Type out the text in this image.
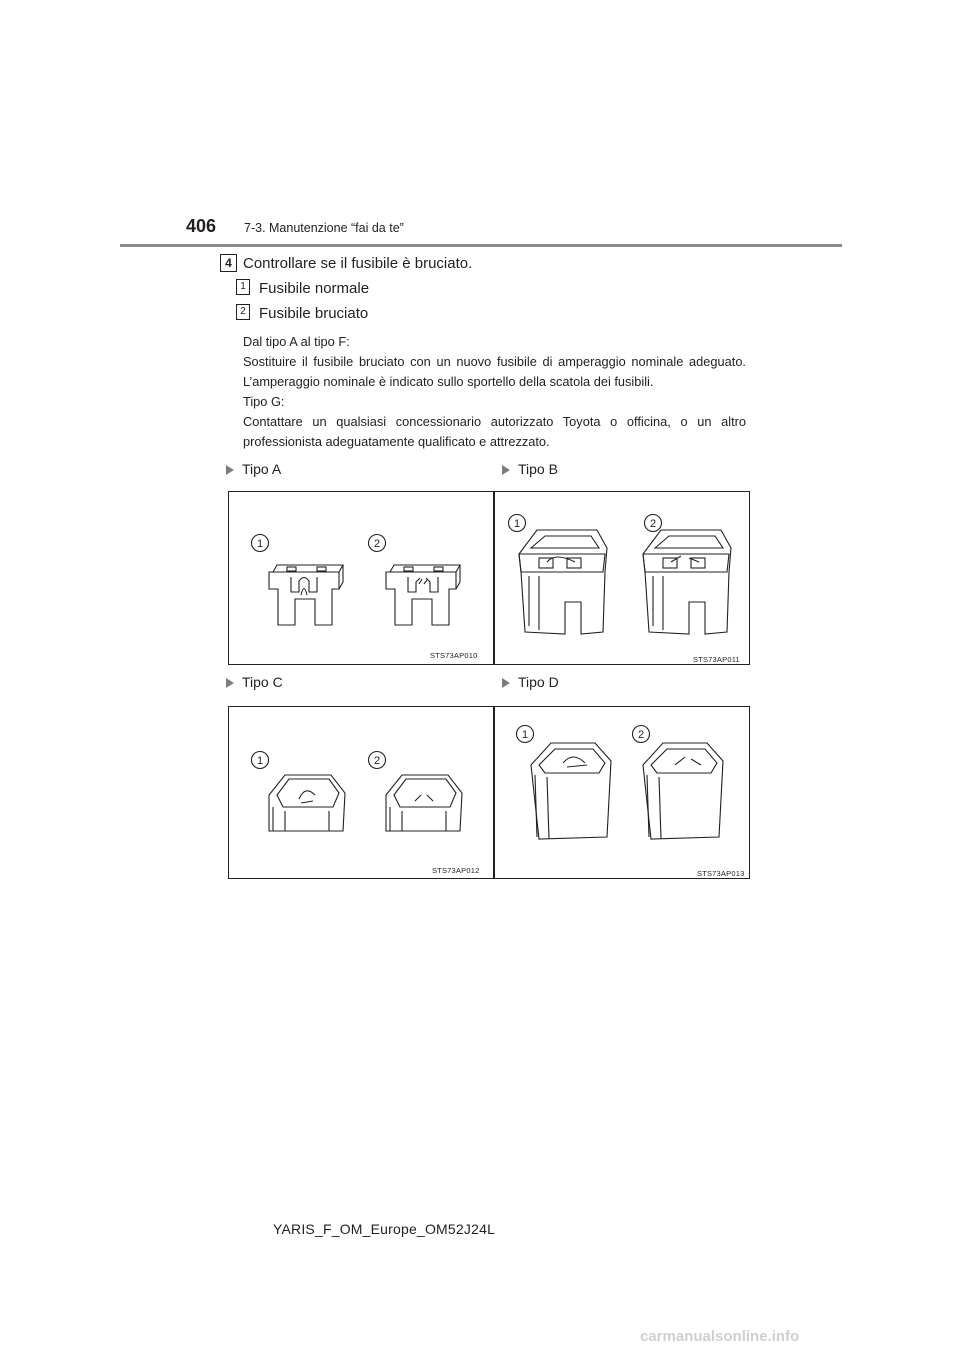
406 7-3. Manutenzione “fai da te”
4 Controllare se il fusibile è bruciato.
1 Fusibile normale
2 Fusibile bruciato
Dal tipo A al tipo F:
Sostituire il fusibile bruciato con un nuovo fusibile di amperaggio nominale adeguato. L’amperaggio nominale è indicato sullo sportello della scatola dei fusibili.
Tipo G:
Contattare un qualsiasi concessionario autorizzato Toyota o officina, o un altro professionista adeguatamente qualificato e attrezzato.
Tipo A	Tipo B
Tipo C	Tipo D
1	2
STS73AP010
1	2
STS73AP011
1	2
STS73AP012
1	2
STS73AP013
YARIS_F_OM_Europe_OM52J24L
carmanualsonline.info
